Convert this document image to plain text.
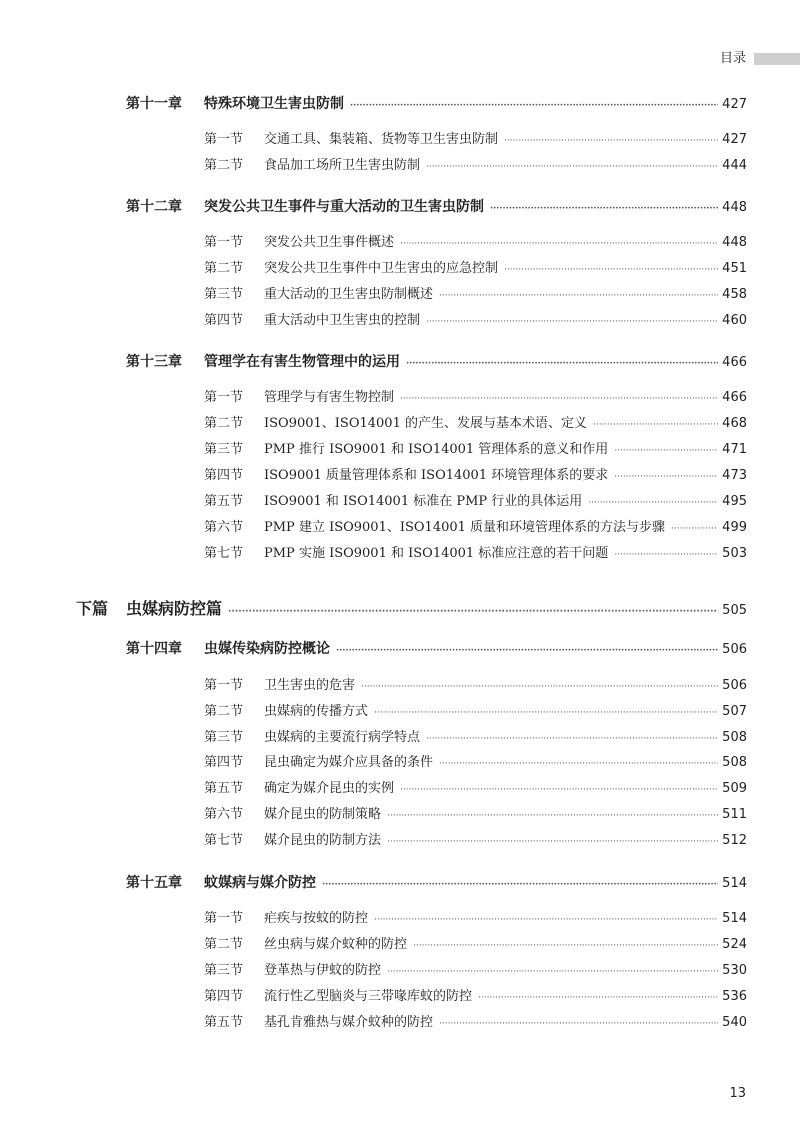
目录
第十一章	特殊环境卫生害虫防制 ·····	427
第一节	交通工具、集装箱、货物等卫生害虫防制 ·····	427
第二节	食品加工场所卫生害虫防制 ·····	444
第十二章	突发公共卫生事件与重大活动的卫生害虫防制 ·····	448
第一节	突发公共卫生事件概述 ·····	448
第二节	突发公共卫生事件中卫生害虫的应急控制 ·····	451
第三节	重大活动的卫生害虫防制概述 ·····	458
第四节	重大活动中卫生害虫的控制 ·····	460
第十三章	管理学在有害生物管理中的运用 ·····	466
第一节	管理学与有害生物控制 ·····	466
第二节	ISO9001、ISO14001 的产生、发展与基本术语、定义 ·····	468
第三节	PMP 推行 ISO9001 和 ISO14001 管理体系的意义和作用 ·····	471
第四节	ISO9001 质量管理体系和 ISO14001 环境管理体系的要求 ·····	473
第五节	ISO9001 和 ISO14001 标准在 PMP 行业的具体运用 ·····	495
第六节	PMP 建立 ISO9001、ISO14001 质量和环境管理体系的方法与步骤 ·····	499
第七节	PMP 实施 ISO9001 和 ISO14001 标准应注意的若干问题 ·····	503
下篇	虫媒病防控篇 ·····	505
第十四章	虫媒传染病防控概论 ·····	506
第一节	卫生害虫的危害 ·····	506
第二节	虫媒病的传播方式 ·····	507
第三节	虫媒病的主要流行病学特点 ·····	508
第四节	昆虫确定为媒介应具备的条件 ·····	508
第五节	确定为媒介昆虫的实例 ·····	509
第六节	媒介昆虫的防制策略 ·····	511
第七节	媒介昆虫的防制方法 ·····	512
第十五章	蚊媒病与媒介防控 ·····	514
第一节	疟疾与按蚊的防控 ·····	514
第二节	丝虫病与媒介蚊种的防控 ·····	524
第三节	登革热与伊蚊的防控 ·····	530
第四节	流行性乙型脑炎与三带喙库蚊的防控 ·····	536
第五节	基孔肯雅热与媒介蚊种的防控 ·····	540
13
